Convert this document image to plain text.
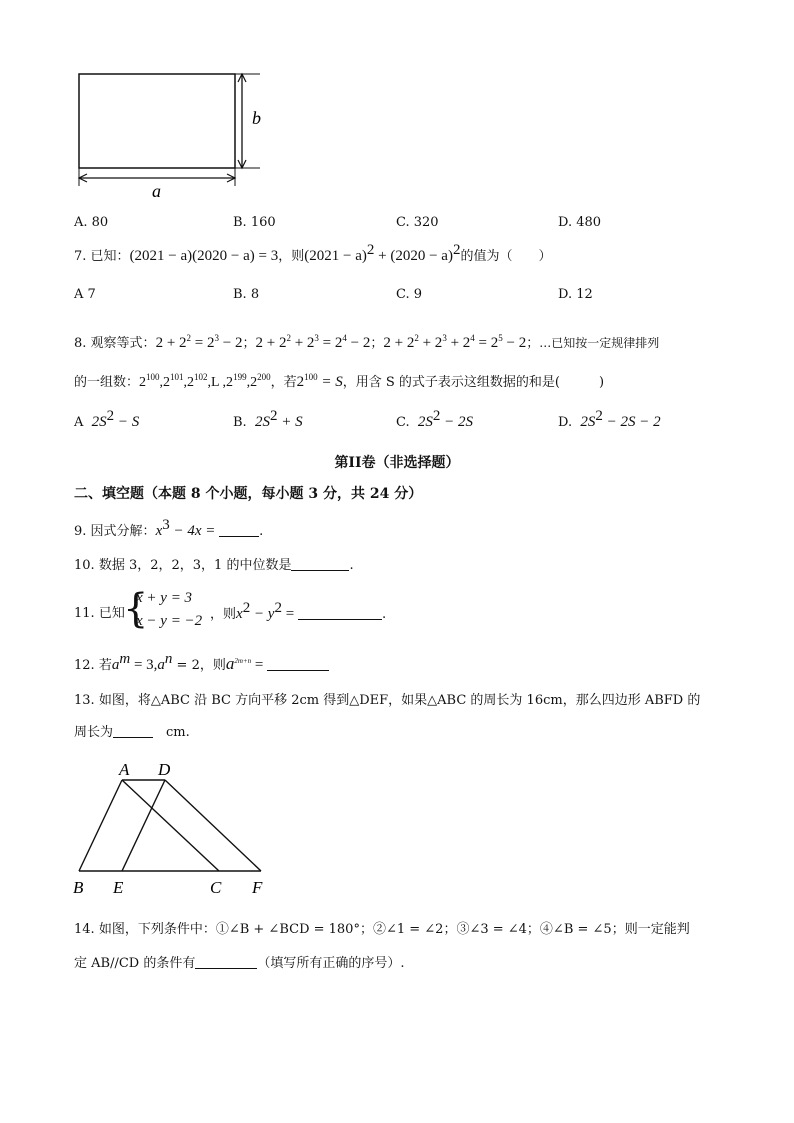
b
a
A. 80	B. 160	C. 320	D. 480
7. 已知：(2021 − a)(2020 − a) = 3，则$(2021 - a)^2 + (2020 - a)^2$的值为（　　）
A 7	B. 8	C. 9	D. 12
8. 观察等式：$2 + 2^2 = 2^3 - 2$；$2 + 2^2 + 2^3 = 2^4 - 2$；$2 + 2^2 + 2^3 + 2^4 = 2^5 - 2$；…已知按一定规律排列
的一组数：$2^{100},2^{101},2^{102},L$ $,2^{199},2^{200}$，若$2^{100} = S$，用含 S 的式子表示这组数据的和是(　　　)
A $2S^2 - S$	B. $2S^2 + S$	C. $2S^2 - 2S$	D. $2S^2 - 2S - 2$
第II卷（非选择题）
二、填空题（本题 8 个小题，每小题 3 分，共 24 分）
9. 因式分解：$x^3 - 4x$ =	.
10. 数据 3，2，2，3，1 的中位数是	.
11. 已知
{
x + y = 3
x − y = −2 ，则$x^2 - y^2$ =	.
12. 若$a^m = 3,a^n = 2$，则$a^{2m+n}$ =
13. 如图，将△ABC 沿 BC 方向平移 2cm 得到△DEF，如果△ABC 的周长为 16cm，那么四边形 ABFD 的
周长为	　cm.
A D
B E	C F
14. 如图，下列条件中：①∠B + ∠BCD = 180°；②∠1 = ∠2；③∠3 = ∠4；④∠B = ∠5；则一定能判
定 AB//CD 的条件有	（填写所有正确的序号）.
